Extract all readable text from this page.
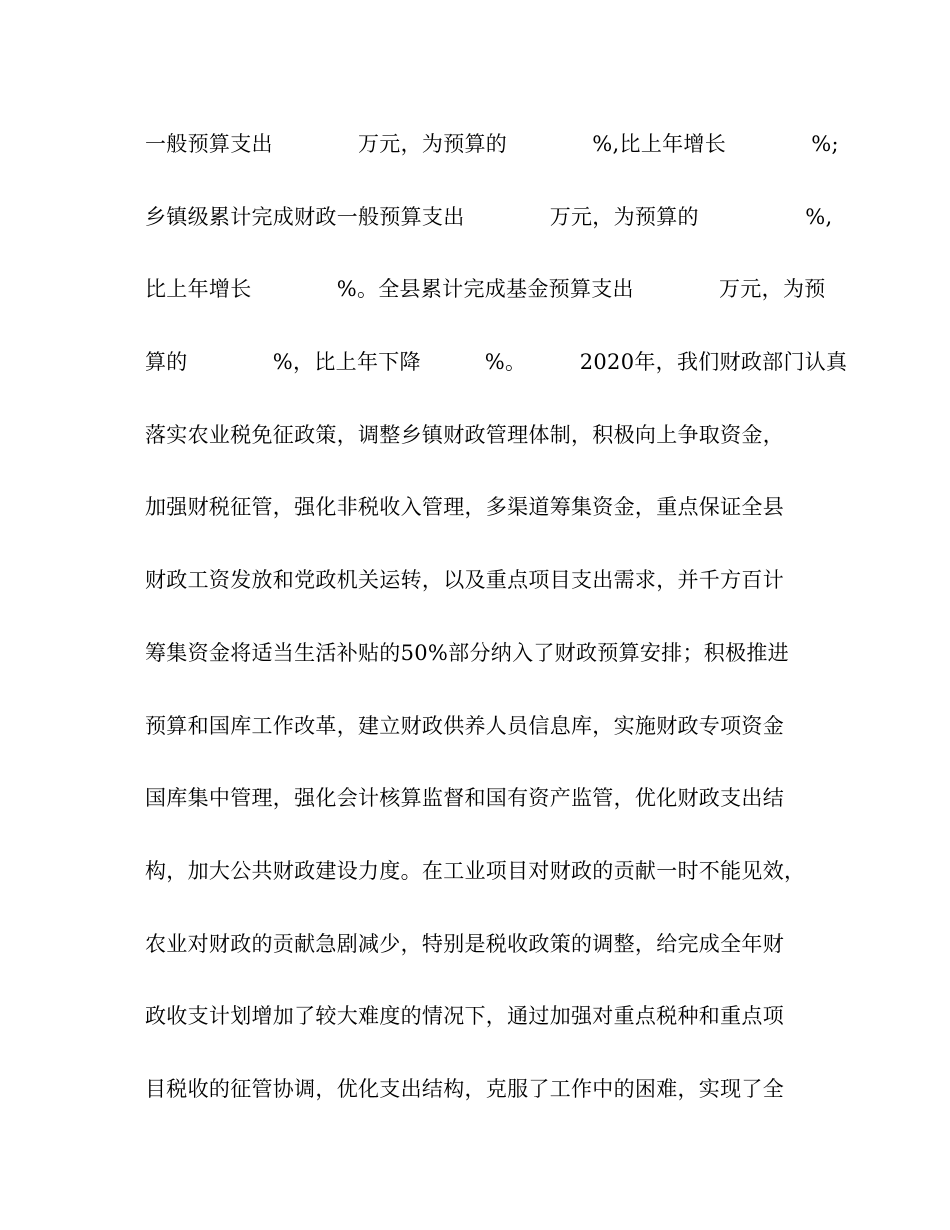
一般预算支出　　　　万元，为预算的　　　　%,比上年增长　　　　%;
乡镇级累计完成财政一般预算支出　　　　万元，为预算的　　　　　%,
比上年增长　　　　%。全县累计完成基金预算支出　　　　万元，为预
算的　　　　%，比上年下降　　　%。　　　2020年，我们财政部门认真
落实农业税免征政策，调整乡镇财政管理体制，积极向上争取资金，
加强财税征管，强化非税收入管理，多渠道筹集资金，重点保证全县
财政工资发放和党政机关运转，以及重点项目支出需求，并千方百计
筹集资金将适当生活补贴的50%部分纳入了财政预算安排；积极推进
预算和国库工作改革，建立财政供养人员信息库，实施财政专项资金
国库集中管理，强化会计核算监督和国有资产监管，优化财政支出结
构，加大公共财政建设力度。在工业项目对财政的贡献一时不能见效，
农业对财政的贡献急剧减少，特别是税收政策的调整，给完成全年财
政收支计划增加了较大难度的情况下，通过加强对重点税种和重点项
目税收的征管协调，优化支出结构，克服了工作中的困难，实现了全
